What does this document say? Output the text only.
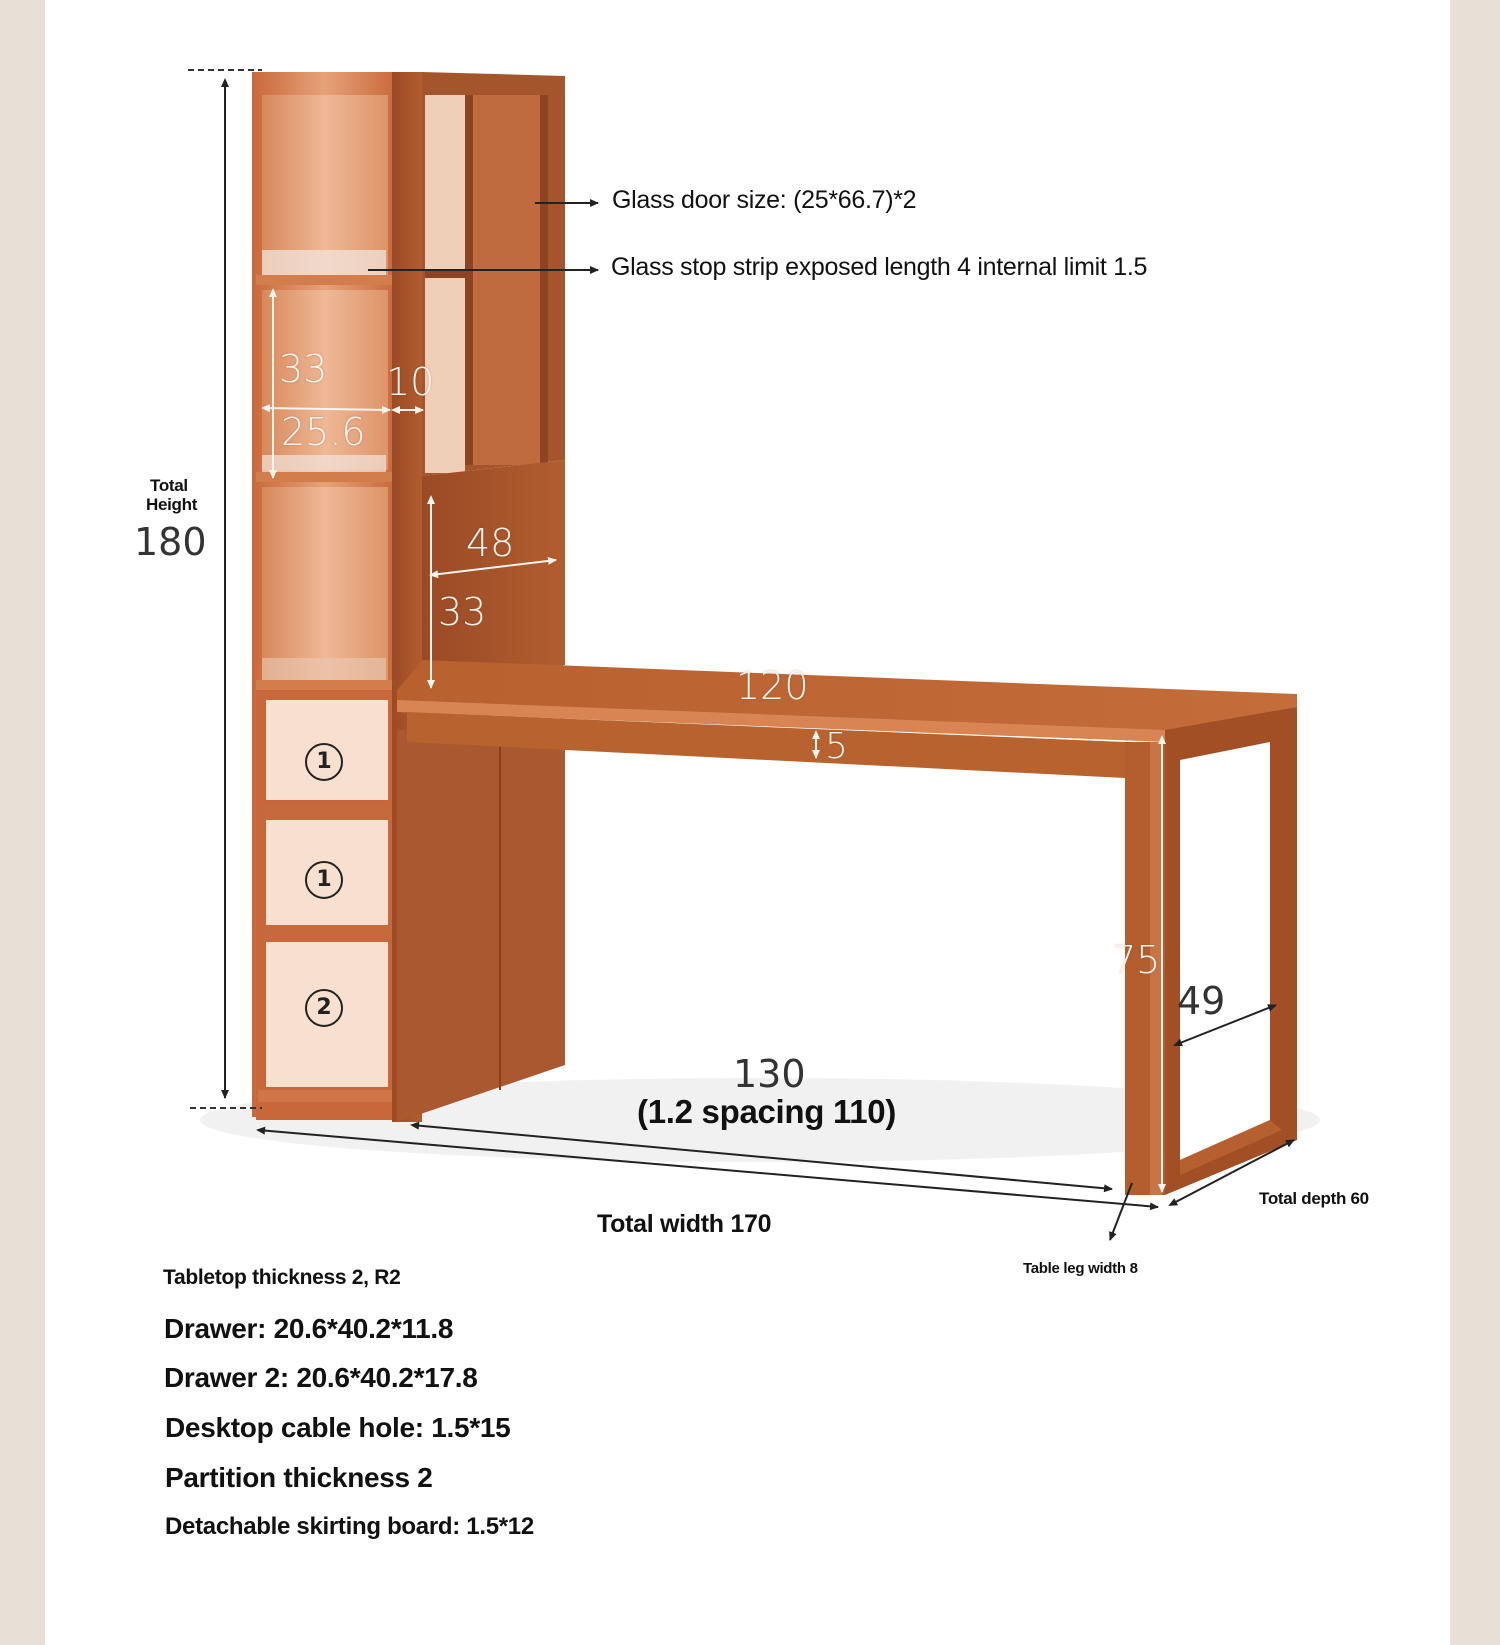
Glass door size: (25*66.7)*2
Glass stop strip exposed length 4 internal limit 1.5
Total
Height
180
33 10
25.6
48
33
120
5
75
49
130
(1.2 spacing 110)
Total width 170
Total depth 60
Table leg width 8
1
1
2
Tabletop thickness 2, R2
Drawer: 20.6*40.2*11.8
Drawer 2: 20.6*40.2*17.8
Desktop cable hole: 1.5*15
Partition thickness 2
Detachable skirting board: 1.5*12
